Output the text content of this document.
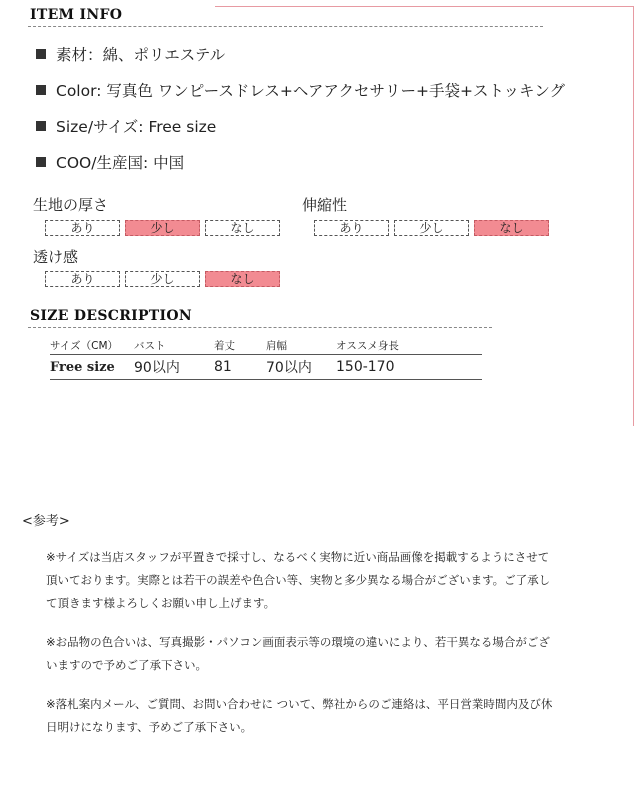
ITEM INFO
素材：綿、ポリエステル
Color: 写真色 ワンピースドレス+ヘアアクセサリー+手袋+ストッキング
Size/サイズ: Free size
COO/生産国: 中国
生地の厚さ
あり	少し	なし
伸縮性
あり	少し	なし
透け感
あり	少し	なし
SIZE DESCRIPTION
サイズ（CM）	バスト	着丈	肩幅	オススメ身長
Free size	90以内	81	70以内	150-170
<参考>
※サイズは当店スタッフが平置きで採寸し、なるべく実物に近い商品画像を掲載するようにさせて頂いております。実際とは若干の誤差や色合い等、実物と多少異なる場合がございます。ご了承して頂きます様よろしくお願い申し上げます。
※お品物の色合いは、写真撮影・パソコン画面表示等の環境の違いにより、若干異なる場合がございますので予めご了承下さい。
※落札案内メール、ご質問、お問い合わせに ついて、弊社からのご連絡は、平日営業時間内及び休日明けになります、予めご了承下さい。
